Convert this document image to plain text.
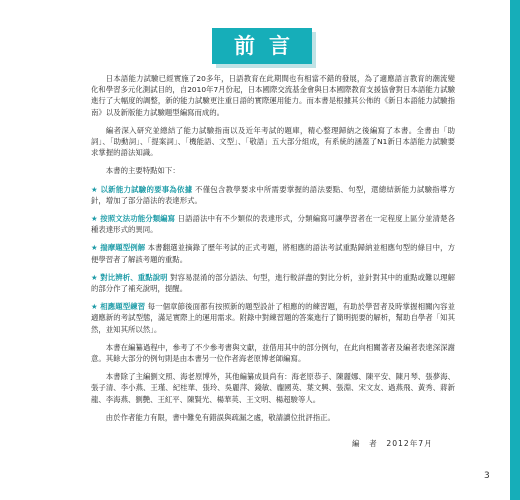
前言

日本語能力試驗已經實施了20多年，日語教育在此期間也有相當不錯的發展，為了適應語言教育的潮流變化和學習多元化測試目的，自2010年7月份起，日本國際交流基金會與日本國際教育支援協會對日本語能力試驗進行了大幅度的調整，新的能力試驗更注重日語的實際運用能力。而本書是根據其公佈的《新日本語能力試驗指南》以及新版能力試驗題型編寫而成的。

編者深入研究並總結了能力試驗指南以及近年考試的題庫，精心整理歸納之後編寫了本書。全書由「助詞」、「助動詞」、「提案詞」、「機能語、文型」、「敬語」五大部分組成，有系統的涵蓋了N1新日本語能力試驗要求掌握的語法知識。

本書的主要特點如下：

★ 以新能力試驗的要事為依據 不僅包含教學要求中所需要掌握的語法要點、句型，還總結新能力試驗指導方針，增加了部分語法的表達形式。

★ 按照文法功能分類編寫 日語語法中有不少類似的表達形式，分類編寫可讓學習者在一定程度上區分並清楚各種表達形式的異同。

★ 揣摩題型例解 本書翻選並摘錄了歷年考試的正式考題，將相應的語法考試重點歸納並相應句型的條目中，方便學習者了解該考題的重點。

★ 對比辨析、重點說明 對容易混淆的部分語法、句型，進行較詳盡的對比分析，並針對其中的重點或難以理解的部分作了補充說明，提醒。

★ 相應題型練習 每一個章節後面都有按照新的題型設計了相應的的練習題，有助於學習者及時掌握相關內容並適應新的考試型態，滿足實際上的運用需求。附錄中對練習題的答案進行了簡明扼要的解析，幫助自學者「知其然，並知其所以然」。

本書在編纂過程中，參考了不少參考書與文獻，並借用其中的部分例句，在此向相關著者及編者表達深深謝意。其餘大部分的例句則是由本書另一位作者海老原博老師編寫。

本書除了主編劉文照、海老原博外，其他編纂成員尚有：海老原恭子、陳麗娜、陳平安、陳月琴、張夢海、張子清、李小燕、王瑾、紀桂華、張玲、吳麗萍、錢敏、龐國英、葉文興、張淵、宋文友、過燕飛、黃秀、蔣新龍、李海燕、劉艷、王紅平、陳賢光、楊華英、王文明、楊超駿等人。

由於作者能力有限，書中難免有錯誤與疏漏之處，敬請讀位批評指正。

編　者　2012年7月
3
